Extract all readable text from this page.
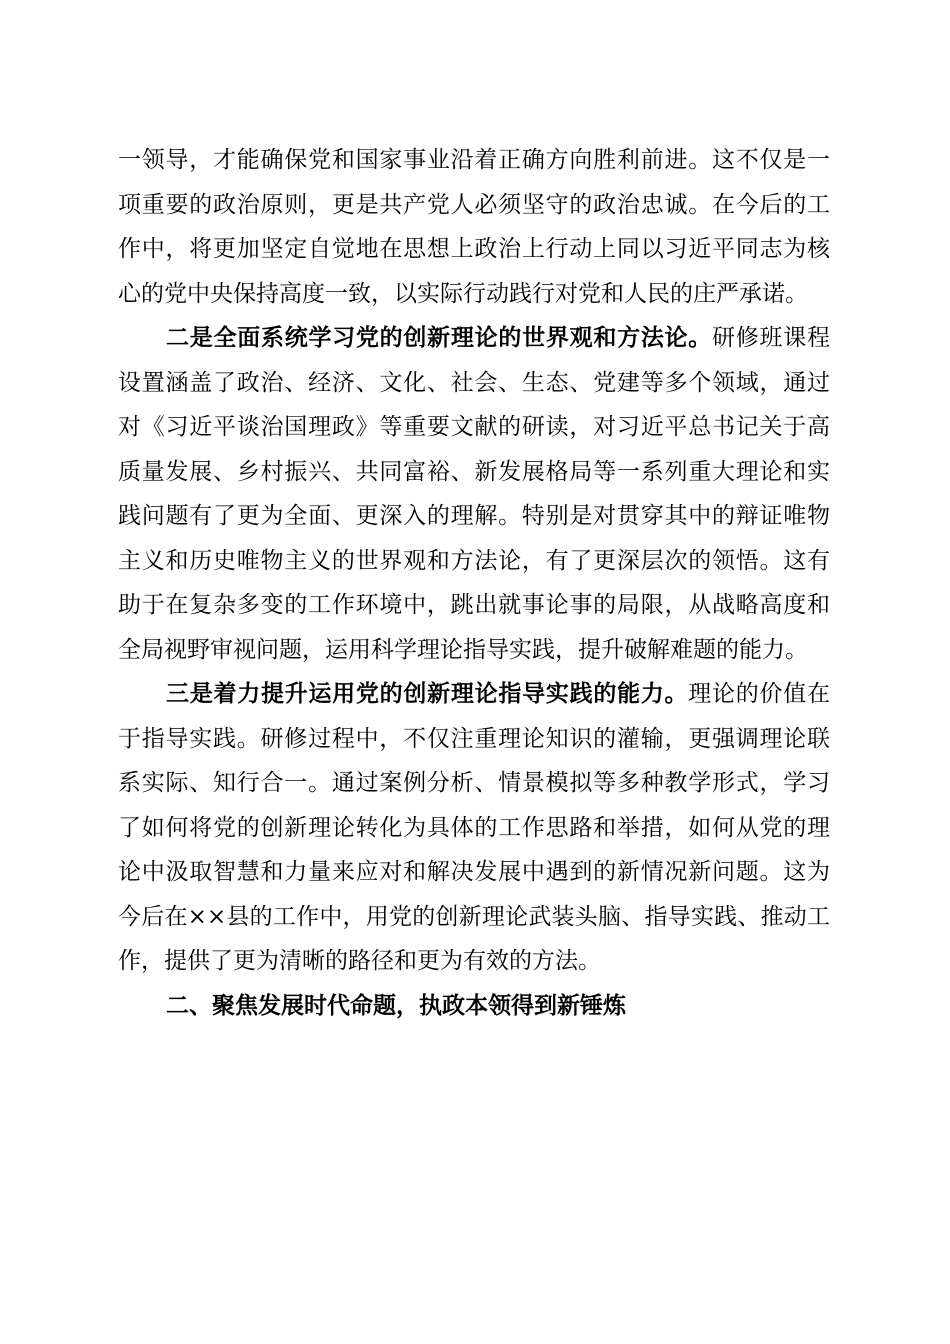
一领导，才能确保党和国家事业沿着正确方向胜利前进。这不仅是一项重要的政治原则，更是共产党人必须坚守的政治忠诚。在今后的工作中，将更加坚定自觉地在思想上政治上行动上同以习近平同志为核心的党中央保持高度一致，以实际行动践行对党和人民的庄严承诺。

二是全面系统学习党的创新理论的世界观和方法论。研修班课程设置涵盖了政治、经济、文化、社会、生态、党建等多个领域，通过对《习近平谈治国理政》等重要文献的研读，对习近平总书记关于高质量发展、乡村振兴、共同富裕、新发展格局等一系列重大理论和实践问题有了更为全面、更深入的理解。特别是对贯穿其中的辩证唯物主义和历史唯物主义的世界观和方法论，有了更深层次的领悟。这有助于在复杂多变的工作环境中，跳出就事论事的局限，从战略高度和全局视野审视问题，运用科学理论指导实践，提升破解难题的能力。

三是着力提升运用党的创新理论指导实践的能力。理论的价值在于指导实践。研修过程中，不仅注重理论知识的灌输，更强调理论联系实际、知行合一。通过案例分析、情景模拟等多种教学形式，学习了如何将党的创新理论转化为具体的工作思路和举措，如何从党的理论中汲取智慧和力量来应对和解决发展中遇到的新情况新问题。这为今后在××县的工作中，用党的创新理论武装头脑、指导实践、推动工作，提供了更为清晰的路径和更为有效的方法。

二、聚焦发展时代命题，执政本领得到新锤炼
